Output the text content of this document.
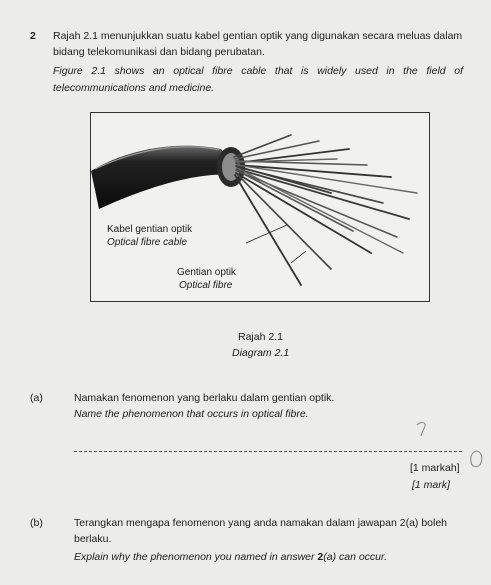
2 Rajah 2.1 menunjukkan suatu kabel gentian optik yang digunakan secara meluas dalam
bidang telekomunikasi dan bidang perubatan.
Figure 2.1 shows an optical fibre cable that is widely used in the field of
telecommunications and medicine.
Kabel gentian optik
Optical fibre cable
Gentian optik
Optical fibre
Rajah 2.1
Diagram 2.1
(a)	Namakan fenomenon yang berlaku dalam gentian optik.
Name the phenomenon that occurs in optical fibre.
[1 markah]
[1 mark]
(b)	Terangkan mengapa fenomenon yang anda namakan dalam jawapan 2(a) boleh
berlaku.
Explain why the phenomenon you named in answer 2(a) can occur.
